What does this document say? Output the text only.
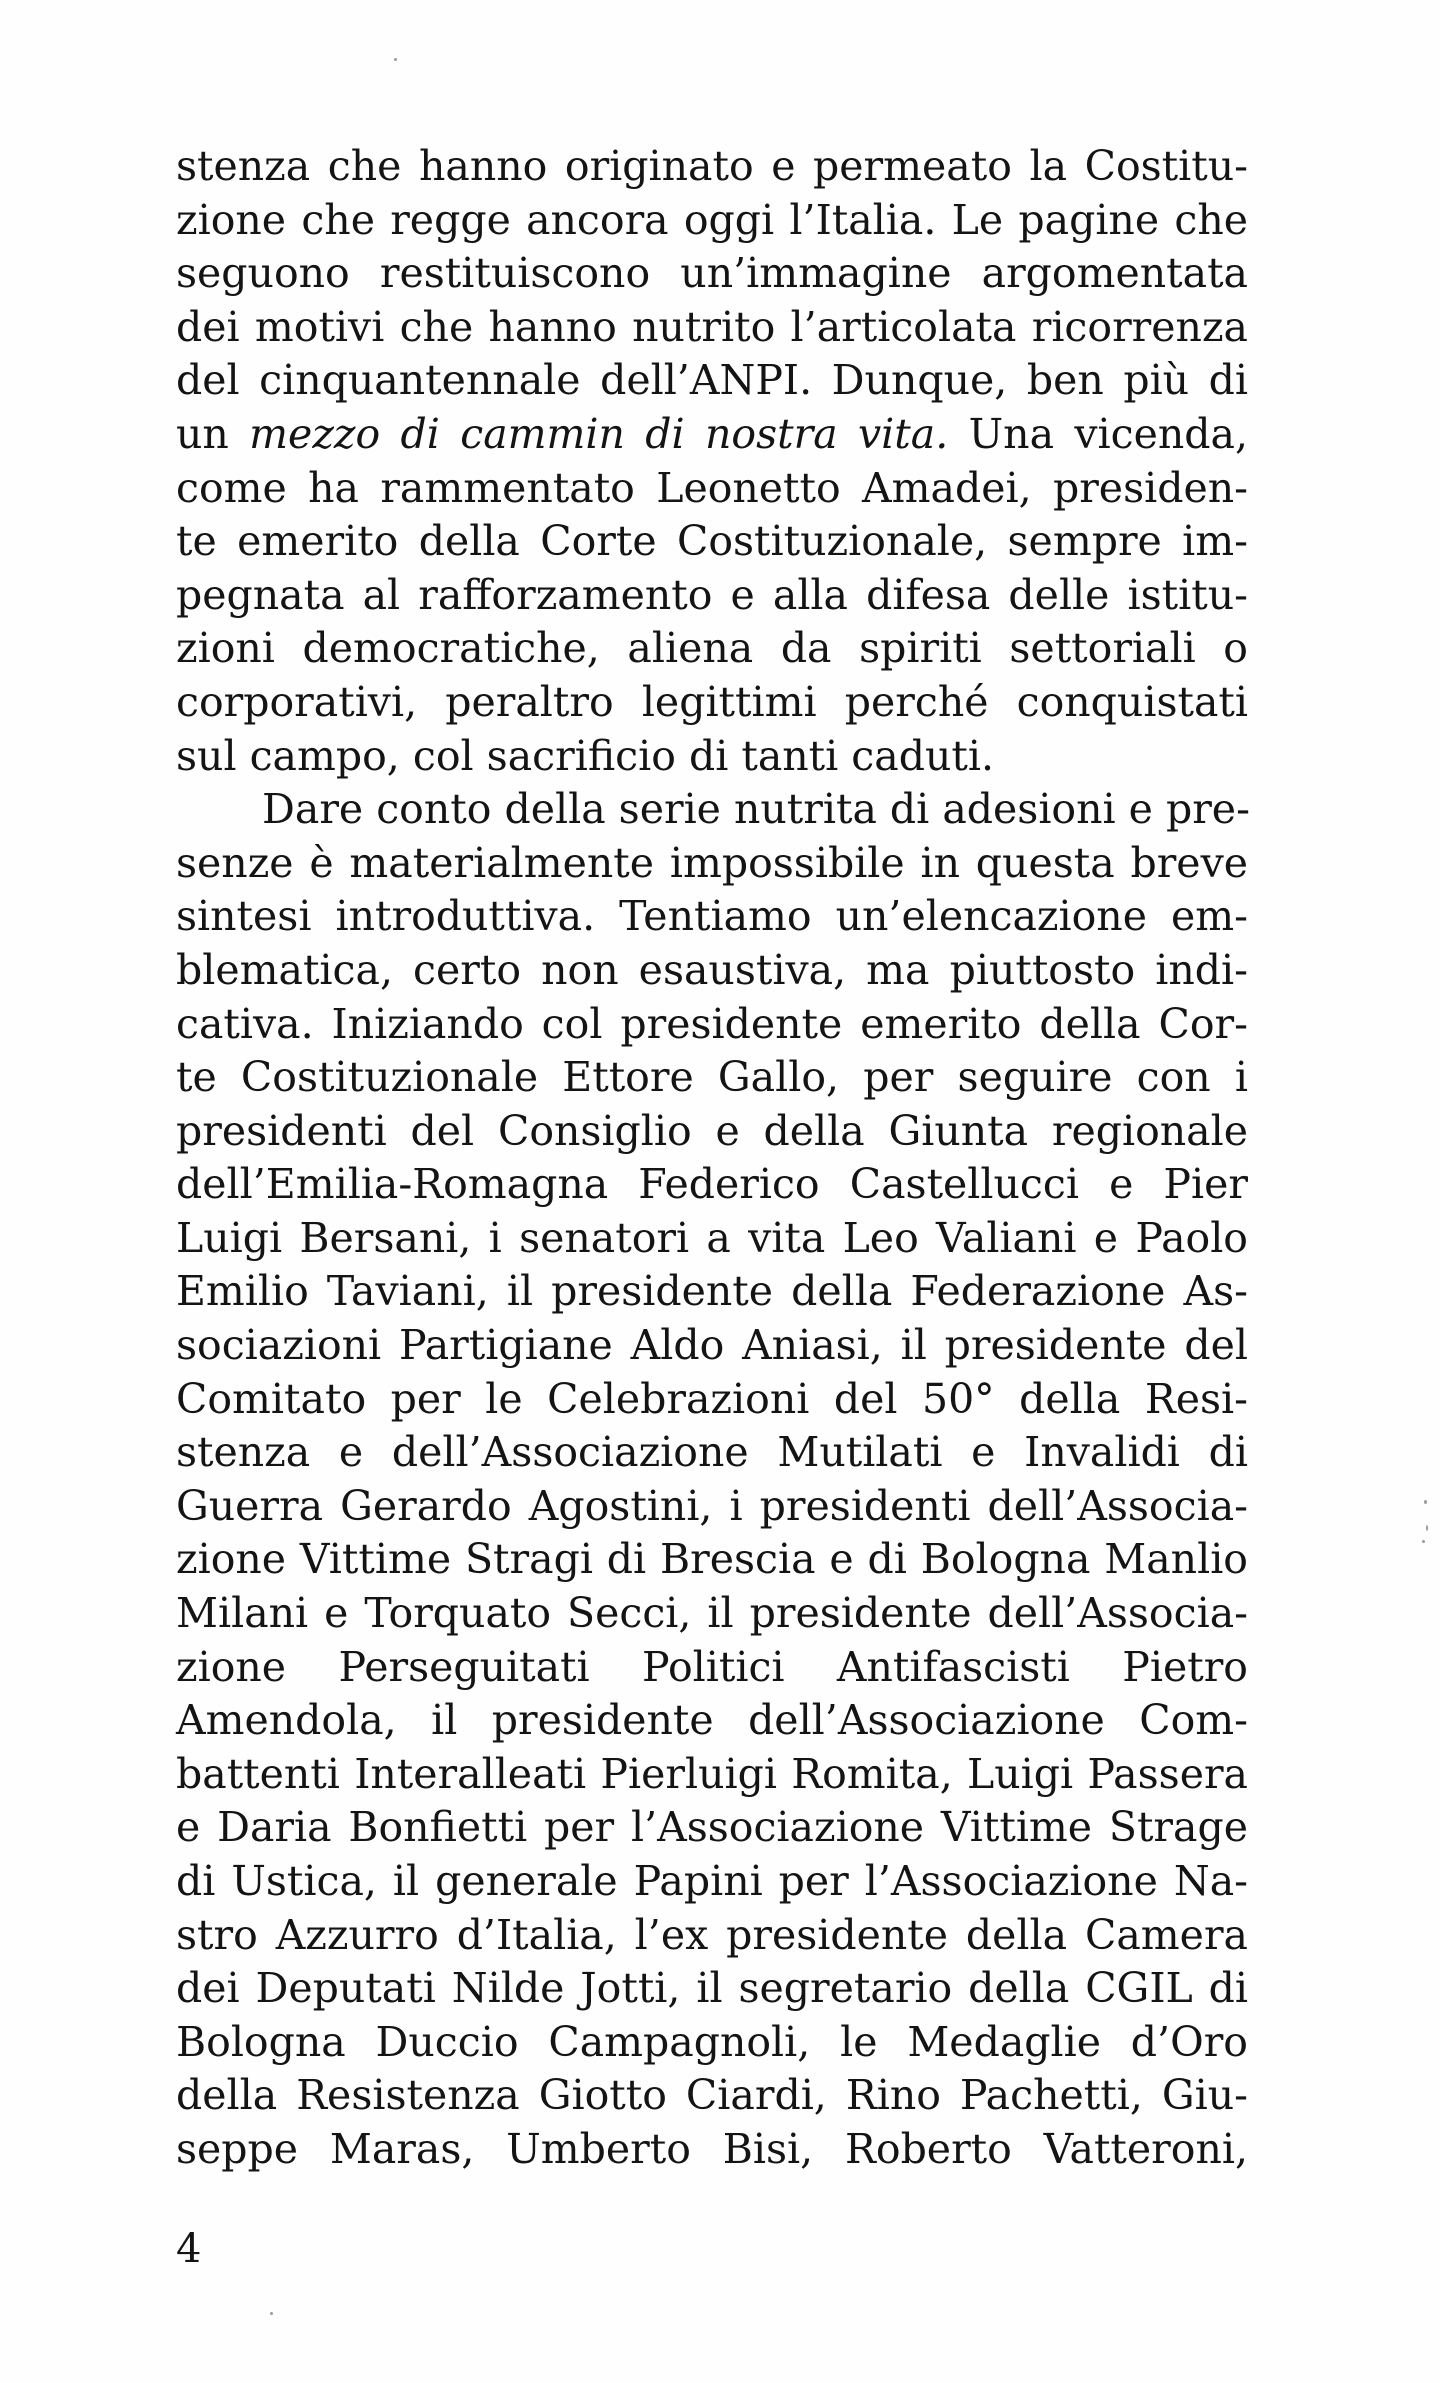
stenza che hanno originato e permeato la Costitu-
zione che regge ancora oggi l’Italia. Le pagine che
seguono restituiscono un’immagine argomentata
dei motivi che hanno nutrito l’articolata ricorrenza
del cinquantennale dell’ANPI. Dunque, ben più di
un mezzo di cammin di nostra vita. Una vicenda,
come ha rammentato Leonetto Amadei, presiden-
te emerito della Corte Costituzionale, sempre im-
pegnata al rafforzamento e alla difesa delle istitu-
zioni democratiche, aliena da spiriti settoriali o
corporativi, peraltro legittimi perché conquistati
sul campo, col sacrificio di tanti caduti.
Dare conto della serie nutrita di adesioni e pre-
senze è materialmente impossibile in questa breve
sintesi introduttiva. Tentiamo un’elencazione em-
blematica, certo non esaustiva, ma piuttosto indi-
cativa. Iniziando col presidente emerito della Cor-
te Costituzionale Ettore Gallo, per seguire con i
presidenti del Consiglio e della Giunta regionale
dell’Emilia-Romagna Federico Castellucci e Pier
Luigi Bersani, i senatori a vita Leo Valiani e Paolo
Emilio Taviani, il presidente della Federazione As-
sociazioni Partigiane Aldo Aniasi, il presidente del
Comitato per le Celebrazioni del 50° della Resi-
stenza e dell’Associazione Mutilati e Invalidi di
Guerra Gerardo Agostini, i presidenti dell’Associa-
zione Vittime Stragi di Brescia e di Bologna Manlio
Milani e Torquato Secci, il presidente dell’Associa-
zione Perseguitati Politici Antifascisti Pietro
Amendola, il presidente dell’Associazione Com-
battenti Interalleati Pierluigi Romita, Luigi Passera
e Daria Bonfietti per l’Associazione Vittime Strage
di Ustica, il generale Papini per l’Associazione Na-
stro Azzurro d’Italia, l’ex presidente della Camera
dei Deputati Nilde Jotti, il segretario della CGIL di
Bologna Duccio Campagnoli, le Medaglie d’Oro
della Resistenza Giotto Ciardi, Rino Pachetti, Giu-
seppe Maras, Umberto Bisi, Roberto Vatteroni,
4
